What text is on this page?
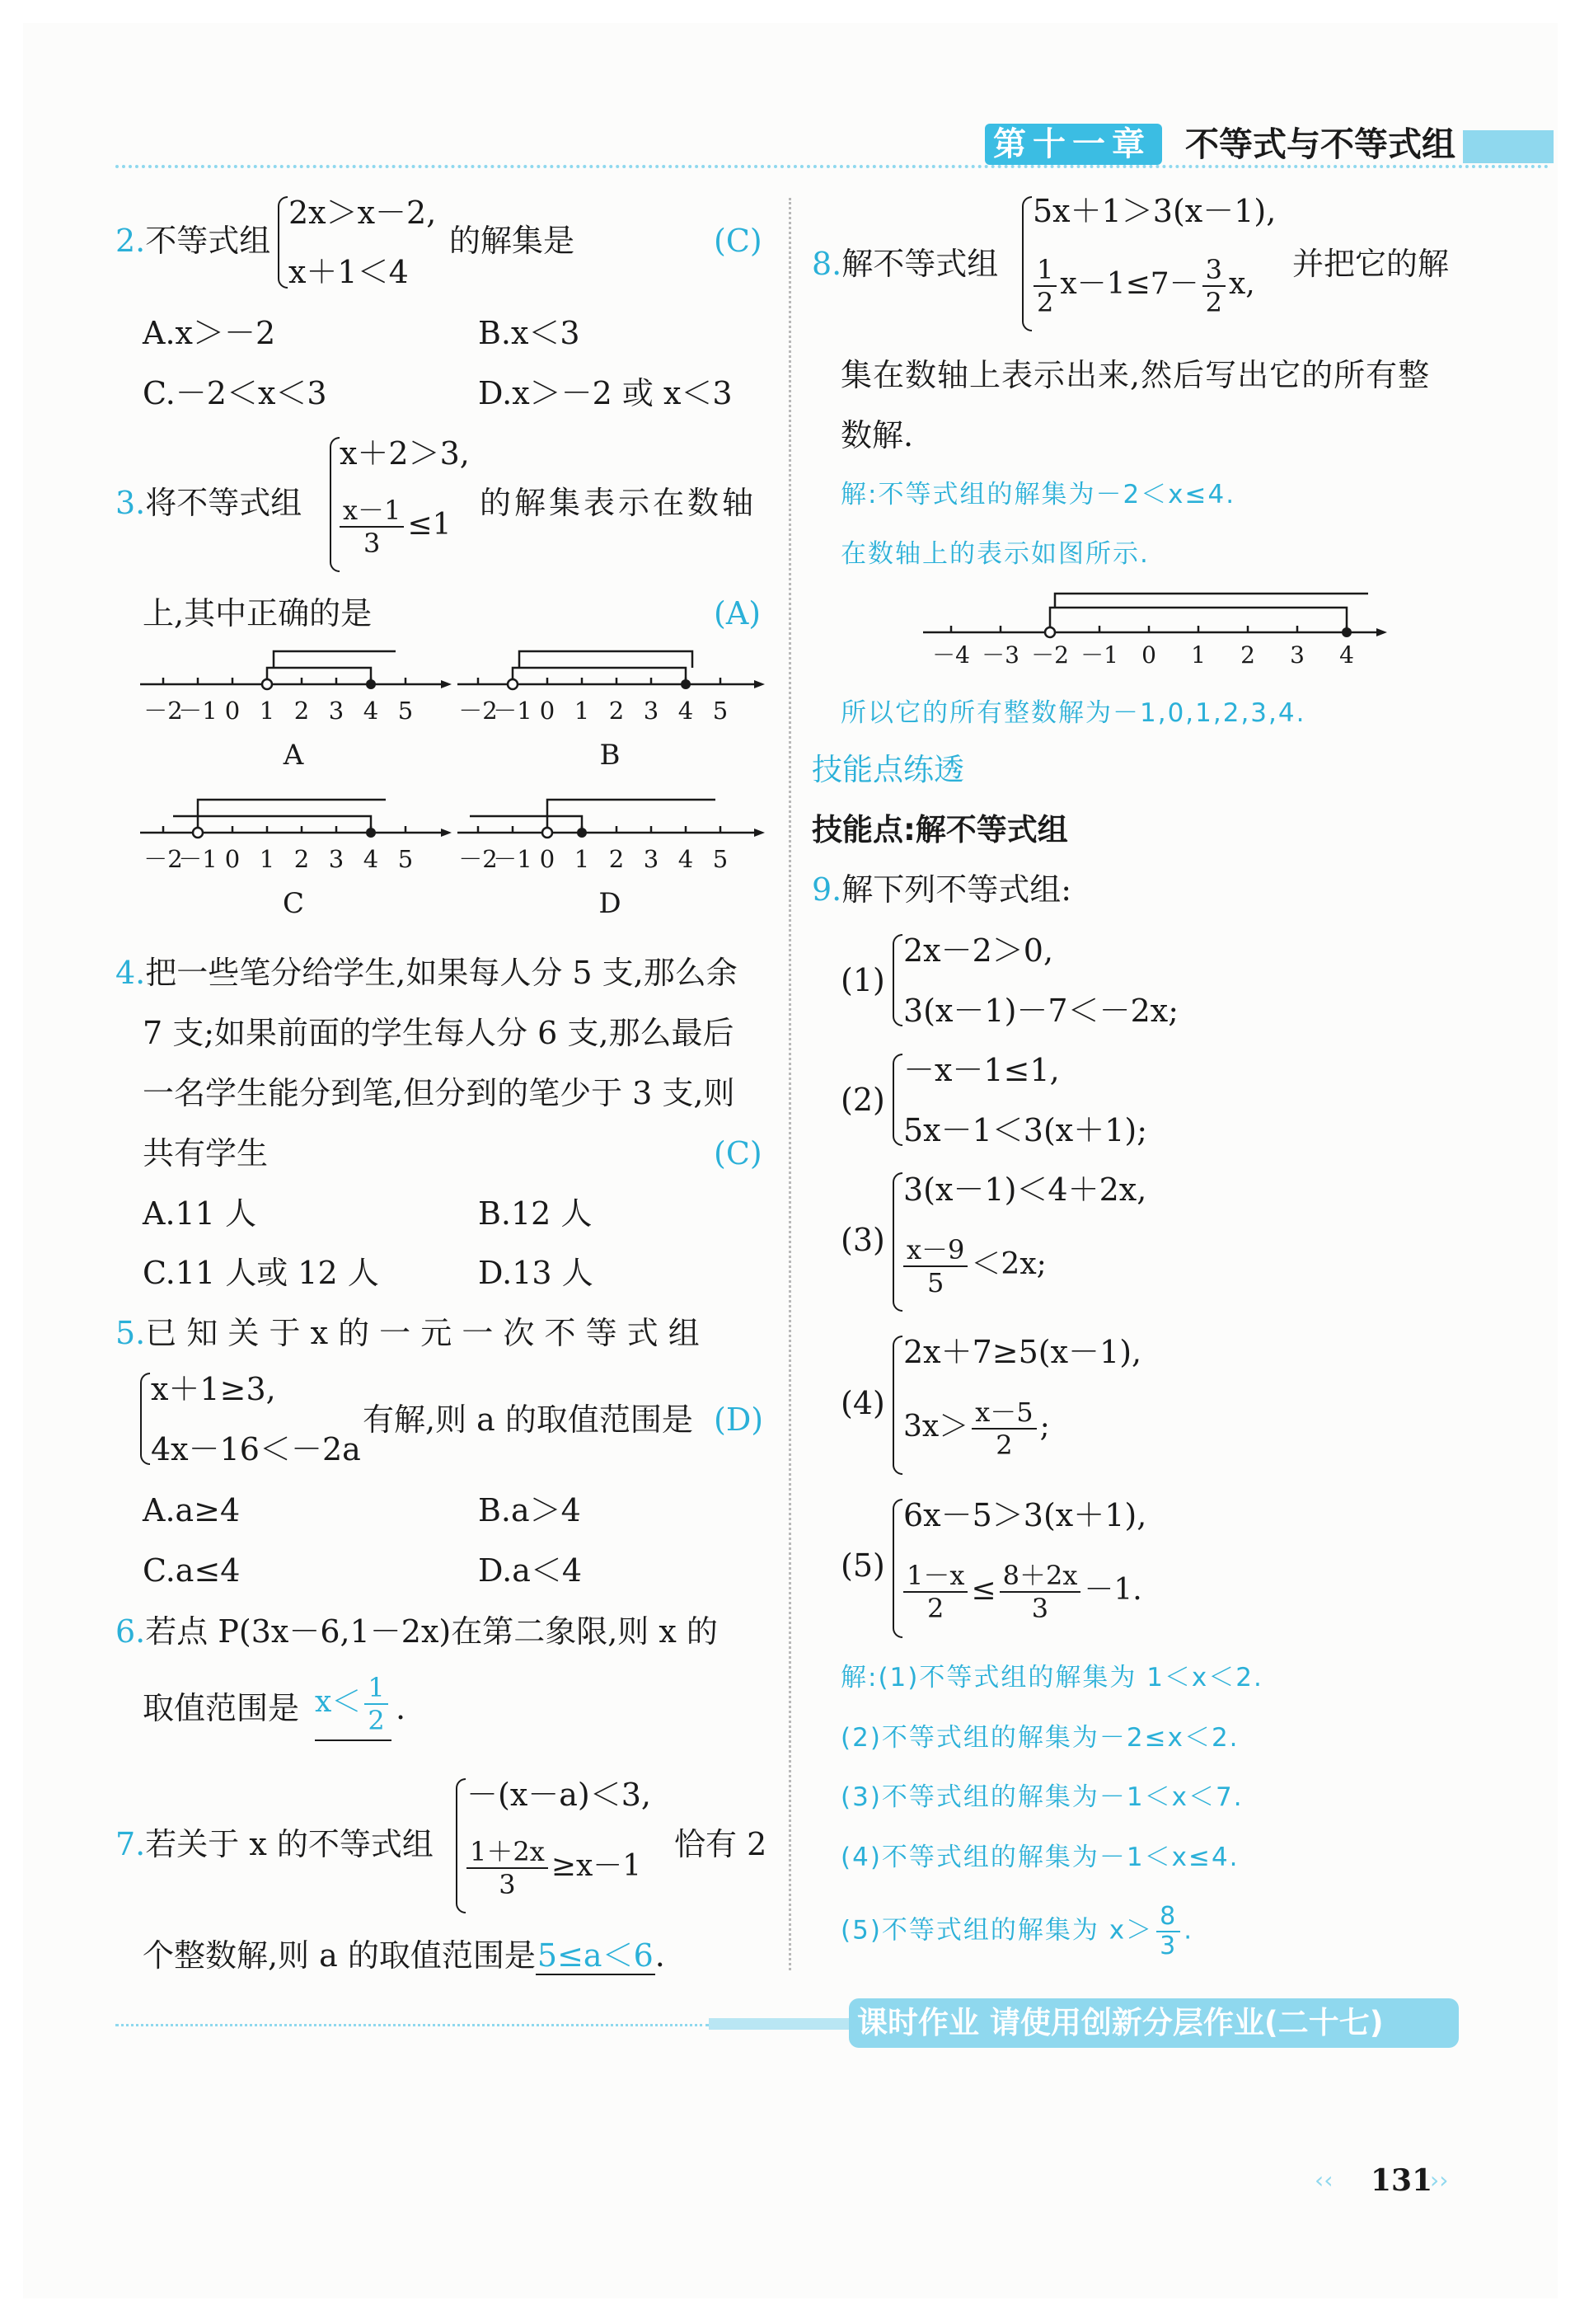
第十一章 不等式与不等式组
2.不等式组
2x＞x－2,
x＋1＜4
的解集是	(C)
A.x＞－2	B.x＜3
C.－2＜x＜3	D.x＞－2 或 x＜3
3.将不等式组
x＋2＞3,
$\frac{x-1}{3} \le 1$
的解集表示在数轴
上,其中正确的是	(A)
－2
－1 0 1 2 3 4 5 －2
－1 0 1 2 3 4 5
－2
－1 0 1 2 3 4 5 －2
－1 0 1 2 3 4 5
A	B
C	D
4.把一些笔分给学生,如果每人分 5 支,那么余
7 支;如果前面的学生每人分 6 支,那么最后
一名学生能分到笔,但分到的笔少于 3 支,则
共有学生	(C)
A.11 人	B.12 人
C.11 人或 12 人	D.13 人
5.已 知 关 于 x 的 一 元 一 次 不 等 式 组
x＋1≥3,
4x－16＜－2a
有解,则 a 的取值范围是 (D)
A.a≥4	B.a＞4
C.a≤4	D.a＜4
6.若点 P(3x－6,1－2x)在第二象限,则 x 的
取值范围是 $x< \frac{1}{2}$ .
7.若关于 x 的不等式组
－(x－a)＜3,
$\frac{1+2x}{3} \ge x-1$
恰有 2
个整数解,则 a 的取值范围是5≤a＜6.
8.解不等式组
5x＋1＞3(x－1),
$\frac{1}{2} x-1\le 7- \frac{3}{2} x$,
并把它的解
集在数轴上表示出来,然后写出它的所有整
数解.
解:不等式组的解集为－2＜x≤4.
在数轴上的表示如图所示.
－4 －3 －2 －1 0 1 2 3 4
所以它的所有整数解为－1,0,1,2,3,4.
技能点练透
技能点:解不等式组
9.解下列不等式组:
(1)
2x－2＞0,
3(x－1)－7＜－2x;
(2)
－x－1≤1,
5x－1＜3(x＋1);
(3)
3(x－1)＜4＋2x,
$\frac{x-9}{5} <2x$;
(4)
2x＋7≥5(x－1),
$3x> \frac{x-5}{2}$ ;
(5)
6x－5＞3(x＋1),
$\frac{1-x}{2} \le \frac{8+2x}{3} -1$.
解:(1)不等式组的解集为 1＜x＜2.
(2)不等式组的解集为－2≤x＜2.
(3)不等式组的解集为－1＜x＜7.
(4)不等式组的解集为－1＜x≤4.
(5)不等式组的解集为 $x> \frac{8}{3}$ .
课时作业 请使用创新分层作业(二十七)
‹‹ 131
››
